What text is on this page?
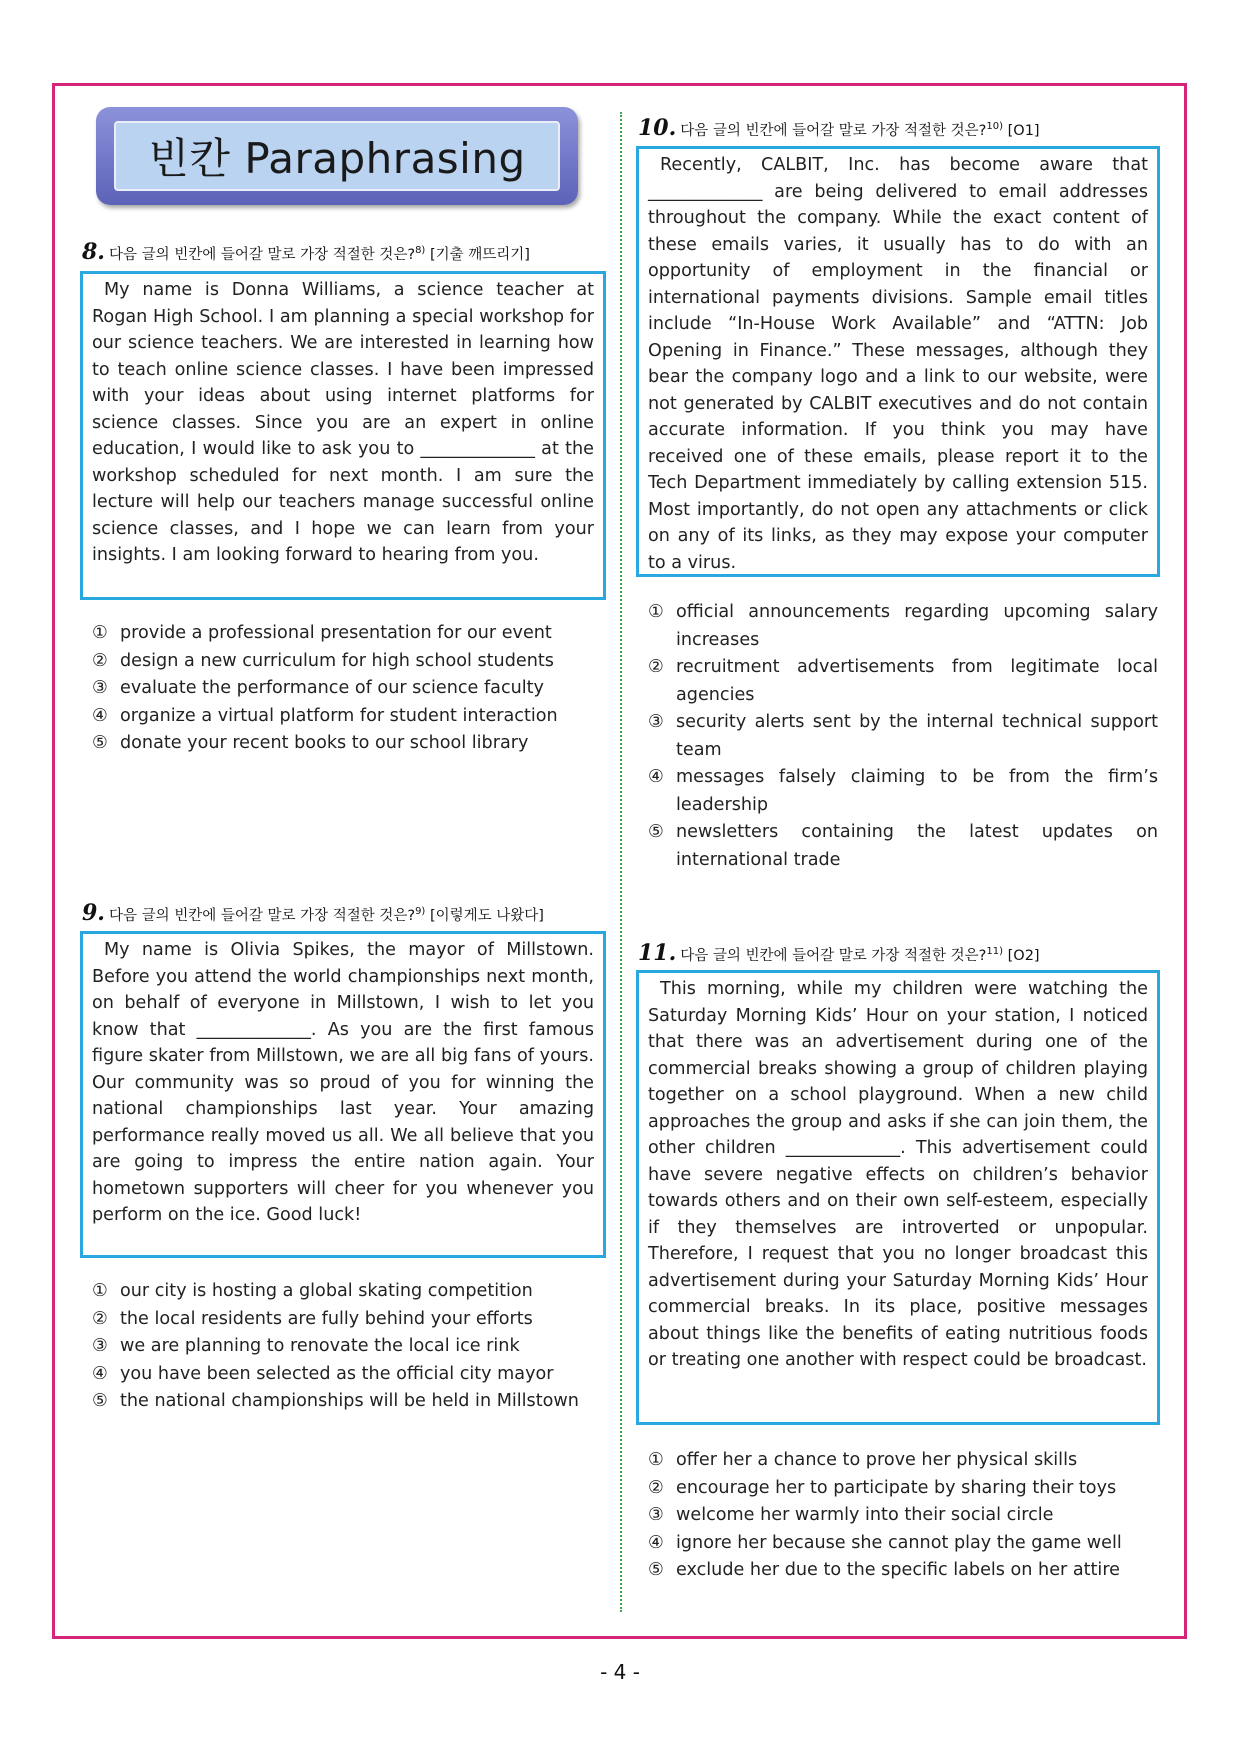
빈칸 Paraphrasing
8. 다음 글의 빈칸에 들어갈 말로 가장 적절한 것은?$^{8)}$ [기출 깨뜨리기]
My name is Donna Williams, a science teacher at Rogan High School. I am planning a special workshop for our science teachers. We are interested in learning how to teach online science classes. I have been impressed with your ideas about using internet platforms for science classes. Since you are an expert in online education, I would like to ask you to _____________ at the workshop scheduled for next month. I am sure the lecture will help our teachers manage successful online science classes, and I hope we can learn from your insights. I am looking forward to hearing from you.
① provide a professional presentation for our event
② design a new curriculum for high school students
③ evaluate the performance of our science faculty
④ organize a virtual platform for student interaction
⑤ donate your recent books to our school library
9. 다음 글의 빈칸에 들어갈 말로 가장 적절한 것은?$^{9)}$ [이렇게도 나왔다]
My name is Olivia Spikes, the mayor of Millstown. Before you attend the world championships next month, on behalf of everyone in Millstown, I wish to let you know that _____________. As you are the first famous figure skater from Millstown, we are all big fans of yours. Our community was so proud of you for winning the national championships last year. Your amazing performance really moved us all. We all believe that you are going to impress the entire nation again. Your hometown supporters will cheer for you whenever you perform on the ice. Good luck!
① our city is hosting a global skating competition
② the local residents are fully behind your efforts
③ we are planning to renovate the local ice rink
④ you have been selected as the official city mayor
⑤ the national championships will be held in Millstown
10. 다음 글의 빈칸에 들어갈 말로 가장 적절한 것은?$^{10)}$ [O1]
Recently, CALBIT, Inc. has become aware that _____________ are being delivered to email addresses throughout the company. While the exact content of these emails varies, it usually has to do with an opportunity of employment in the financial or international payments divisions. Sample email titles include “In-House Work Available” and “ATTN: Job Opening in Finance.” These messages, although they bear the company logo and a link to our website, were not generated by CALBIT executives and do not contain accurate information. If you think you may have received one of these emails, please report it to the Tech Department immediately by calling extension 515. Most importantly, do not open any attachments or click on any of its links, as they may expose your computer to a virus.
① official announcements regarding upcoming salary increases
② recruitment advertisements from legitimate local agencies
③ security alerts sent by the internal technical support team
④ messages falsely claiming to be from the firm’s leadership
⑤ newsletters containing the latest updates on international trade
11. 다음 글의 빈칸에 들어갈 말로 가장 적절한 것은?$^{11)}$ [O2]
This morning, while my children were watching the Saturday Morning Kids’ Hour on your station, I noticed that there was an advertisement during one of the commercial breaks showing a group of children playing together on a school playground. When a new child approaches the group and asks if she can join them, the other children _____________. This advertisement could have severe negative effects on children’s behavior towards others and on their own self-esteem, especially if they themselves are introverted or unpopular. Therefore, I request that you no longer broadcast this advertisement during your Saturday Morning Kids’ Hour commercial breaks. In its place, positive messages about things like the benefits of eating nutritious foods or treating one another with respect could be broadcast.
① offer her a chance to prove her physical skills
② encourage her to participate by sharing their toys
③ welcome her warmly into their social circle
④ ignore her because she cannot play the game well
⑤ exclude her due to the specific labels on her attire
- 4 -
